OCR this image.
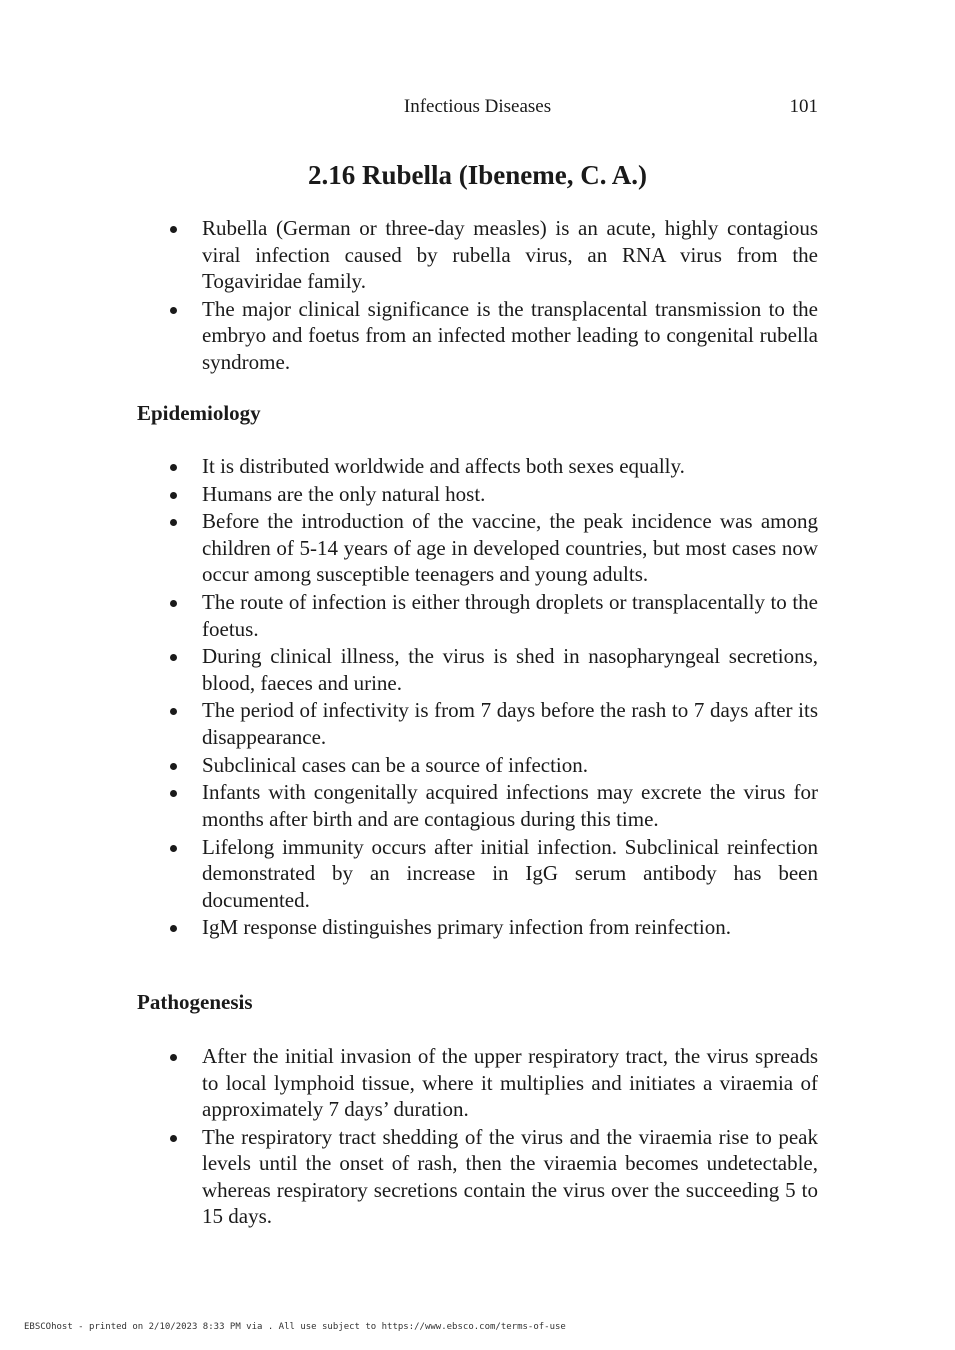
Infectious Diseases	101
2.16 Rubella (Ibeneme, C. A.)
Rubella (German or three-day measles) is an acute, highly contagious viral infection caused by rubella virus, an RNA virus from the Togaviridae family.
The major clinical significance is the transplacental transmission to the embryo and foetus from an infected mother leading to congenital rubella syndrome.
Epidemiology
It is distributed worldwide and affects both sexes equally.
Humans are the only natural host.
Before the introduction of the vaccine, the peak incidence was among children of 5-14 years of age in developed countries, but most cases now occur among susceptible teenagers and young adults.
The route of infection is either through droplets or transplacentally to the foetus.
During clinical illness, the virus is shed in nasopharyngeal secretions, blood, faeces and urine.
The period of infectivity is from 7 days before the rash to 7 days after its disappearance.
Subclinical cases can be a source of infection.
Infants with congenitally acquired infections may excrete the virus for months after birth and are contagious during this time.
Lifelong immunity occurs after initial infection. Subclinical reinfection demonstrated by an increase in IgG serum antibody has been documented.
IgM response distinguishes primary infection from reinfection.
Pathogenesis
After the initial invasion of the upper respiratory tract, the virus spreads to local lymphoid tissue, where it multiplies and initiates a viraemia of approximately 7 days’ duration.
The respiratory tract shedding of the virus and the viraemia rise to peak levels until the onset of rash, then the viraemia becomes undetectable, whereas respiratory secretions contain the virus over the succeeding 5 to 15 days.
EBSCOhost - printed on 2/10/2023 8:33 PM via . All use subject to https://www.ebsco.com/terms-of-use
